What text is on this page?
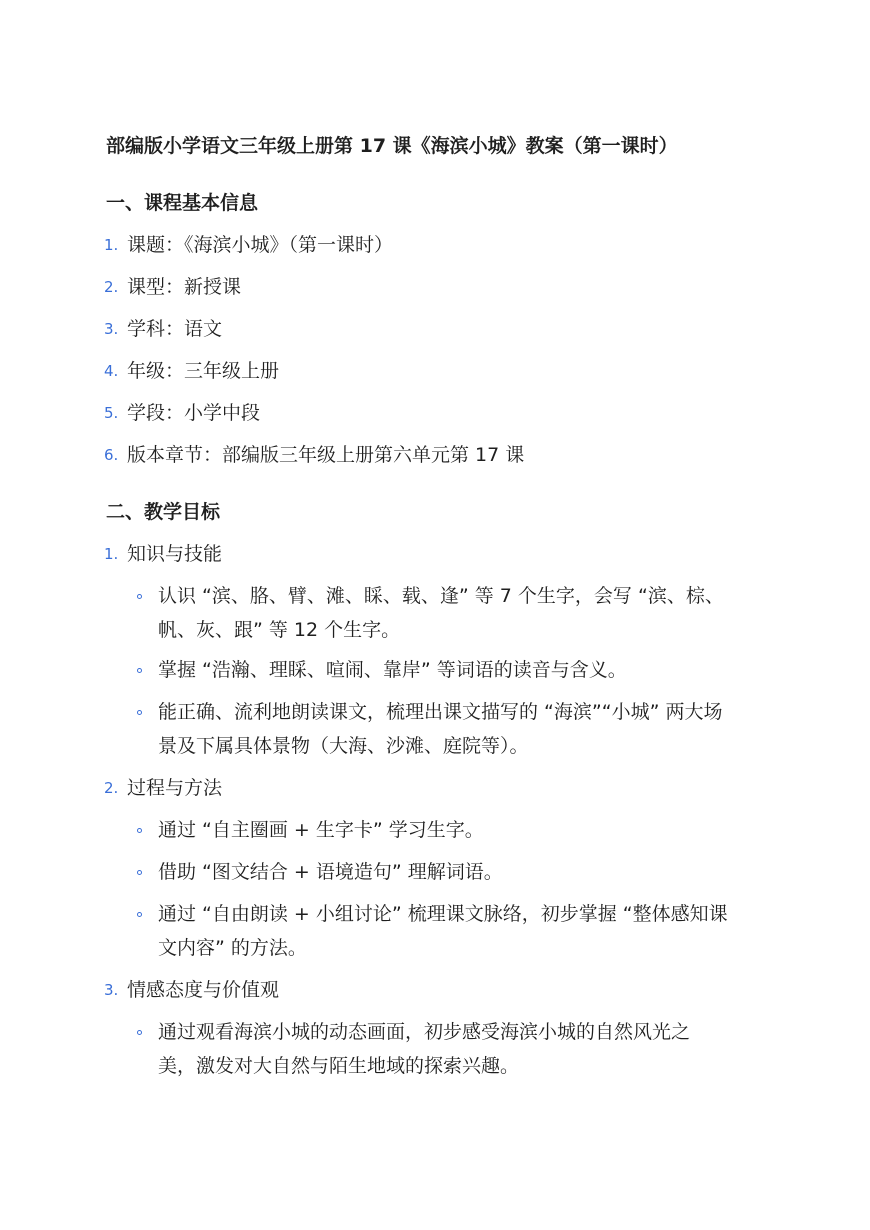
部编版小学语文三年级上册第 17 课《海滨小城》教案（第一课时）
一、课程基本信息
1. 课题：《海滨小城》（第一课时）
2. 课型：新授课
3. 学科：语文
4. 年级：三年级上册
5. 学段：小学中段
6. 版本章节：部编版三年级上册第六单元第 17 课
二、教学目标
1. 知识与技能

认识 “滨、胳、臂、滩、睬、载、逢” 等 7 个生字，会写 “滨、棕、

帆、灰、跟” 等 12 个生字。

掌握 “浩瀚、理睬、喧闹、靠岸” 等词语的读音与含义。

能正确、流利地朗读课文，梳理出课文描写的 “海滨”“小城” 两大场

景及下属具体景物（大海、沙滩、庭院等）。

2. 过程与方法

通过 “自主圈画 + 生字卡” 学习生字。

借助 “图文结合 + 语境造句” 理解词语。

通过 “自由朗读 + 小组讨论” 梳理课文脉络，初步掌握 “整体感知课

文内容” 的方法。

3. 情感态度与价值观

通过观看海滨小城的动态画面，初步感受海滨小城的自然风光之

美，激发对大自然与陌生地域的探索兴趣。
